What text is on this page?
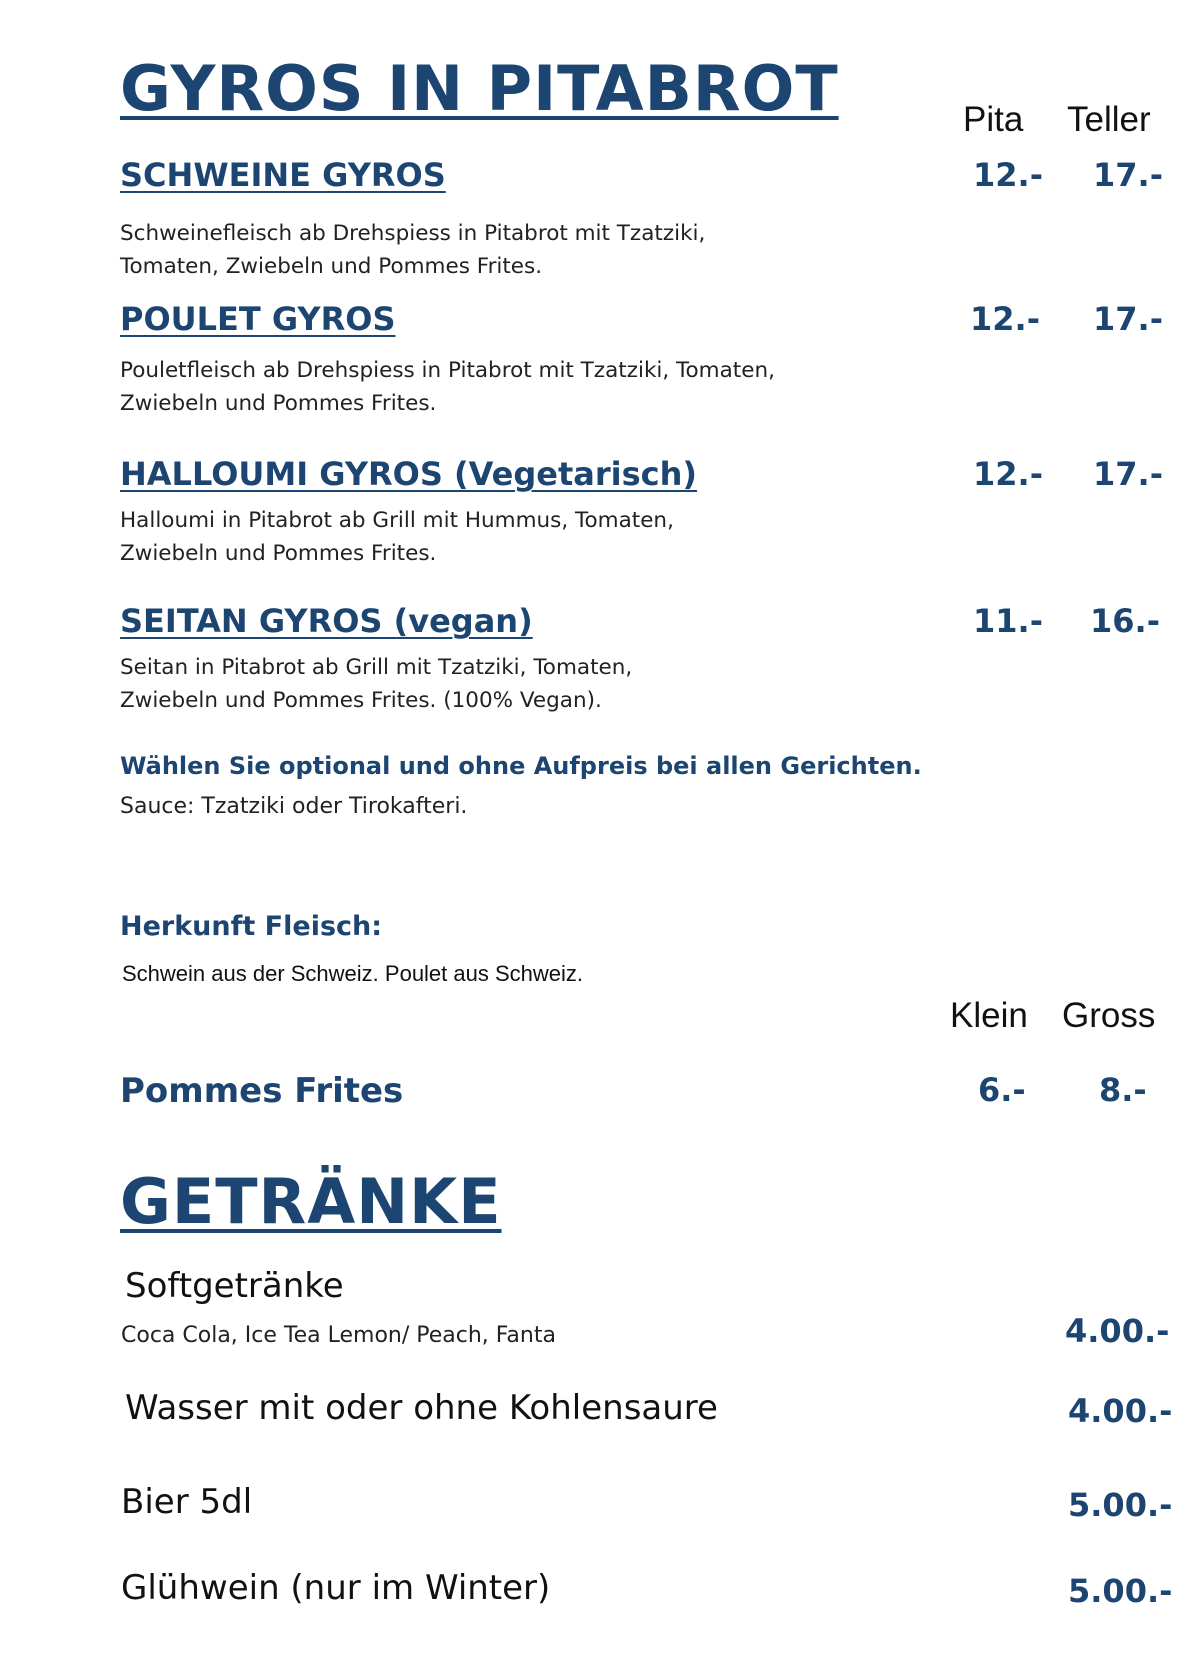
GYROS IN PITABROT	Pita Teller
SCHWEINE GYROS	12.- 17.-
Schweinefleisch ab Drehspiess in Pitabrot mit Tzatziki,
Tomaten, Zwiebeln und Pommes Frites.
POULET GYROS	12.- 17.-
Pouletfleisch ab Drehspiess in Pitabrot mit Tzatziki, Tomaten,
Zwiebeln und Pommes Frites.
HALLOUMI GYROS (Vegetarisch)	12.- 17.-
Halloumi in Pitabrot ab Grill mit Hummus, Tomaten,
Zwiebeln und Pommes Frites.
SEITAN GYROS (vegan)	11.- 16.-
Seitan in Pitabrot ab Grill mit Tzatziki, Tomaten,
Zwiebeln und Pommes Frites. (100% Vegan).
Wählen Sie optional und ohne Aufpreis bei allen Gerichten.
Sauce: Tzatziki oder Tirokafteri.
Herkunft Fleisch:
Schwein aus der Schweiz. Poulet aus Schweiz.
Klein Gross
Pommes Frites	6.- 8.-
GETRÄNKE
Softgetränke
Coca Cola, Ice Tea Lemon/ Peach, Fanta	4.00.-
Wasser mit oder ohne Kohlensaure	4.00.-
Bier 5dl	5.00.-
Glühwein (nur im Winter)	5.00.-
